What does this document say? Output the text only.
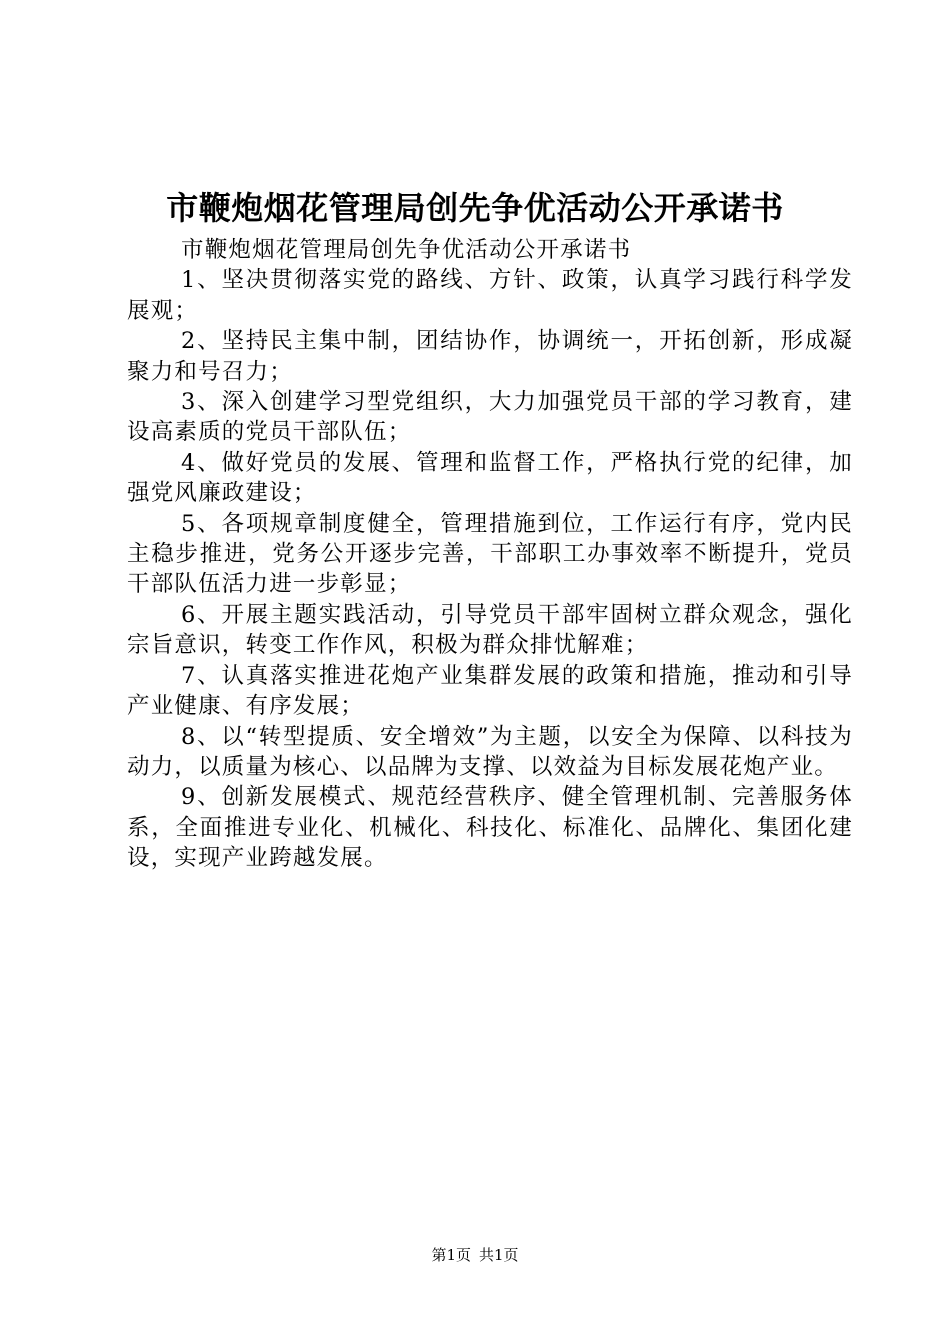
市鞭炮烟花管理局创先争优活动公开承诺书

市鞭炮烟花管理局创先争优活动公开承诺书

1、坚决贯彻落实党的路线、方针、政策，认真学习践行科学发展观；

2、坚持民主集中制，团结协作，协调统一，开拓创新，形成凝聚力和号召力；

3、深入创建学习型党组织，大力加强党员干部的学习教育，建设高素质的党员干部队伍；

4、做好党员的发展、管理和监督工作，严格执行党的纪律，加强党风廉政建设；

5、各项规章制度健全，管理措施到位，工作运行有序，党内民主稳步推进，党务公开逐步完善，干部职工办事效率不断提升，党员干部队伍活力进一步彰显；

6、开展主题实践活动，引导党员干部牢固树立群众观念，强化宗旨意识，转变工作作风，积极为群众排忧解难；

7、认真落实推进花炮产业集群发展的政策和措施，推动和引导产业健康、有序发展；

8、以“转型提质、安全增效”为主题，以安全为保障、以科技为动力，以质量为核心、以品牌为支撑、以效益为目标发展花炮产业。

9、创新发展模式、规范经营秩序、健全管理机制、完善服务体系，全面推进专业化、机械化、科技化、标准化、品牌化、集团化建设，实现产业跨越发展。

第1页 共1页
